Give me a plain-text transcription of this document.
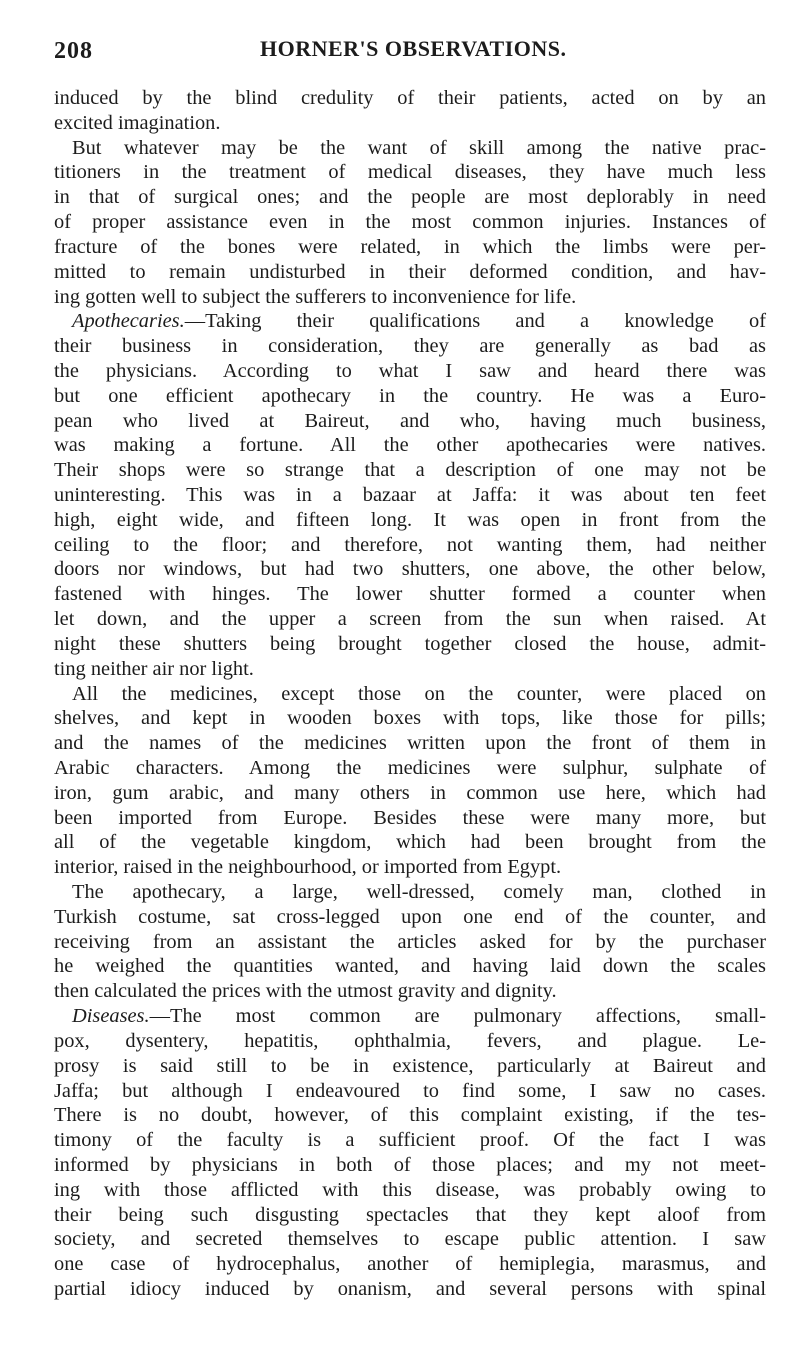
208	HORNER'S OBSERVATIONS.
induced by the blind credulity of their patients, acted on by an
excited imagination.
But whatever may be the want of skill among the native prac-
titioners in the treatment of medical diseases, they have much less
in that of surgical ones; and the people are most deplorably in need
of proper assistance even in the most common injuries. Instances of
fracture of the bones were related, in which the limbs were per-
mitted to remain undisturbed in their deformed condition, and hav-
ing gotten well to subject the sufferers to inconvenience for life.
Apothecaries.—Taking their qualifications and a knowledge of
their business in consideration, they are generally as bad as
the physicians. According to what I saw and heard there was
but one efficient apothecary in the country. He was a Euro-
pean who lived at Baireut, and who, having much business,
was making a fortune. All the other apothecaries were natives.
Their shops were so strange that a description of one may not be
uninteresting. This was in a bazaar at Jaffa: it was about ten feet
high, eight wide, and fifteen long. It was open in front from the
ceiling to the floor; and therefore, not wanting them, had neither
doors nor windows, but had two shutters, one above, the other below,
fastened with hinges. The lower shutter formed a counter when
let down, and the upper a screen from the sun when raised. At
night these shutters being brought together closed the house, admit-
ting neither air nor light.
All the medicines, except those on the counter, were placed on
shelves, and kept in wooden boxes with tops, like those for pills;
and the names of the medicines written upon the front of them in
Arabic characters. Among the medicines were sulphur, sulphate of
iron, gum arabic, and many others in common use here, which had
been imported from Europe. Besides these were many more, but
all of the vegetable kingdom, which had been brought from the
interior, raised in the neighbourhood, or imported from Egypt.
The apothecary, a large, well-dressed, comely man, clothed in
Turkish costume, sat cross-legged upon one end of the counter, and
receiving from an assistant the articles asked for by the purchaser
he weighed the quantities wanted, and having laid down the scales
then calculated the prices with the utmost gravity and dignity.
Diseases.—The most common are pulmonary affections, small-
pox, dysentery, hepatitis, ophthalmia, fevers, and plague. Le-
prosy is said still to be in existence, particularly at Baireut and
Jaffa; but although I endeavoured to find some, I saw no cases.
There is no doubt, however, of this complaint existing, if the tes-
timony of the faculty is a sufficient proof. Of the fact I was
informed by physicians in both of those places; and my not meet-
ing with those afflicted with this disease, was probably owing to
their being such disgusting spectacles that they kept aloof from
society, and secreted themselves to escape public attention. I saw
one case of hydrocephalus, another of hemiplegia, marasmus, and
partial idiocy induced by onanism, and several persons with spinal
